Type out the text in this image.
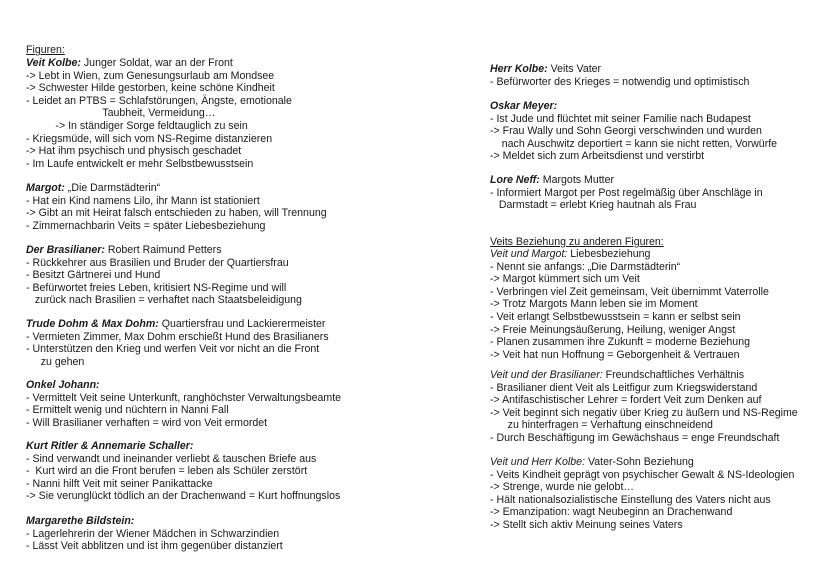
Figuren:
Veit Kolbe: Junger Soldat, war an der Front
-> Lebt in Wien, zum Genesungsurlaub am Mondsee
-> Schwester Hilde gestorben, keine schöne Kindheit
- Leidet an PTBS = Schlafstörungen, Ängste, emotionale
Taubheit, Vermeidung…
-> In ständiger Sorge feldtauglich zu sein
- Kriegsmüde, will sich vom NS-Regime distanzieren
-> Hat ihm psychisch und physisch geschadet
- Im Laufe entwickelt er mehr Selbstbewusstsein
Margot: „Die Darmstädterin“
- Hat ein Kind namens Lilo, ihr Mann ist stationiert
-> Gibt an mit Heirat falsch entschieden zu haben, will Trennung
- Zimmernachbarin Veits = später Liebesbeziehung
Der Brasilianer: Robert Raimund Petters
- Rückkehrer aus Brasilien und Bruder der Quartiersfrau
- Besitzt Gärtnerei und Hund
- Befürwortet freies Leben, kritisiert NS-Regime und will
zurück nach Brasilien = verhaftet nach Staatsbeleidigung
Trude Dohm & Max Dohm: Quartiersfrau und Lackierermeister
- Vermieten Zimmer, Max Dohm erschießt Hund des Brasilianers
- Unterstützen den Krieg und werfen Veit vor nicht an die Front
zu gehen
Onkel Johann:
- Vermittelt Veit seine Unterkunft, ranghöchster Verwaltungsbeamte
- Ermittelt wenig und nüchtern in Nanni Fall
- Will Brasilianer verhaften = wird von Veit ermordet
Kurt Ritler & Annemarie Schaller:
- Sind verwandt und ineinander verliebt & tauschen Briefe aus
-  Kurt wird an die Front berufen = leben als Schüler zerstört
- Nanni hilft Veit mit seiner Panikattacke
-> Sie verunglückt tödlich an der Drachenwand = Kurt hoffnungslos
Margarethe Bildstein:
- Lagerlehrerin der Wiener Mädchen in Schwarzindien
- Lässt Veit abblitzen und ist ihm gegenüber distanziert
Herr Kolbe: Veits Vater
- Befürworter des Krieges = notwendig und optimistisch
Oskar Meyer:
- Ist Jude und flüchtet mit seiner Familie nach Budapest
-> Frau Wally und Sohn Georgi verschwinden und wurden
nach Auschwitz deportiert = kann sie nicht retten, Vorwürfe
-> Meldet sich zum Arbeitsdienst und verstirbt
Lore Neff: Margots Mutter
- Informiert Margot per Post regelmäßig über Anschläge in
Darmstadt = erlebt Krieg hautnah als Frau
Veits Beziehung zu anderen Figuren:
Veit und Margot: Liebesbeziehung
- Nennt sie anfangs: „Die Darmstädterin“
-> Margot kümmert sich um Veit
- Verbringen viel Zeit gemeinsam, Veit übernimmt Vaterrolle
-> Trotz Margots Mann leben sie im Moment
- Veit erlangt Selbstbewusstsein = kann er selbst sein
-> Freie Meinungsäußerung, Heilung, weniger Angst
- Planen zusammen ihre Zukunft = moderne Beziehung
-> Veit hat nun Hoffnung = Geborgenheit & Vertrauen
Veit und der Brasilianer: Freundschaftliches Verhältnis
- Brasilianer dient Veit als Leitfigur zum Kriegswiderstand
-> Antifaschistischer Lehrer = fordert Veit zum Denken auf
-> Veit beginnt sich negativ über Krieg zu äußern und NS-Regime
zu hinterfragen = Verhaftung einschneidend
- Durch Beschäftigung im Gewächshaus = enge Freundschaft
Veit und Herr Kolbe: Vater-Sohn Beziehung
- Veits Kindheit geprägt von psychischer Gewalt & NS-Ideologien
-> Strenge, wurde nie gelobt…
- Hält nationalsozialistische Einstellung des Vaters nicht aus
-> Emanzipation: wagt Neubeginn an Drachenwand
-> Stellt sich aktiv Meinung seines Vaters
